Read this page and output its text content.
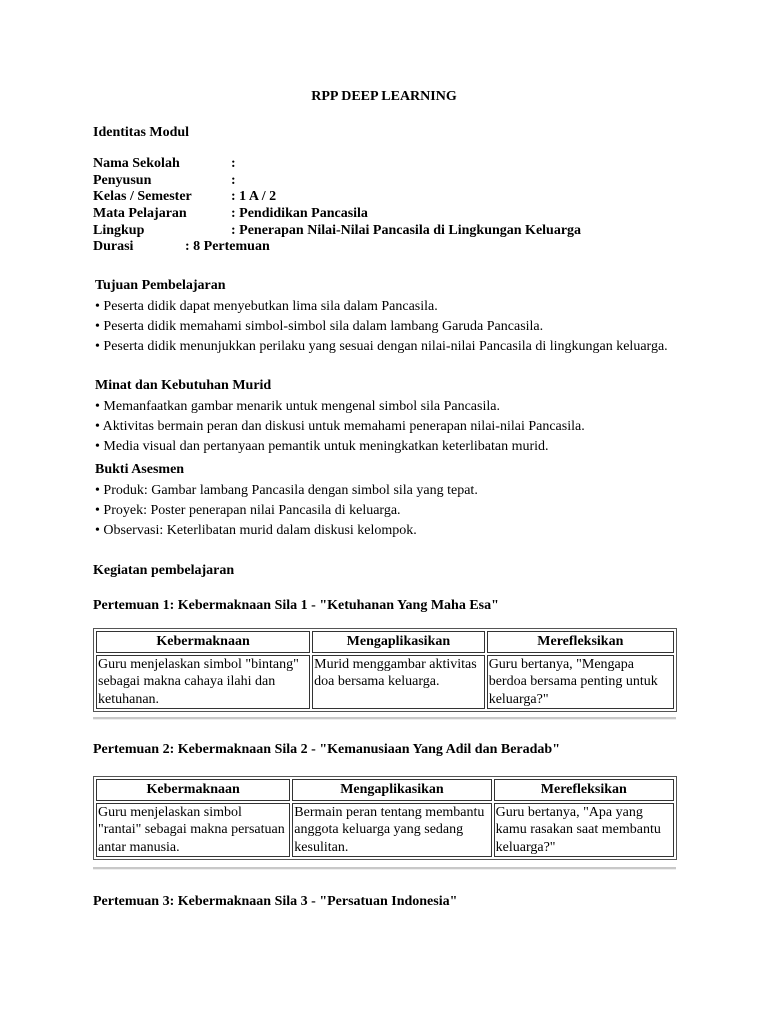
RPP DEEP LEARNING
Identitas Modul
Nama Sekolah	:
Penyusun	:
Kelas / Semester	: 1 A / 2
Mata Pelajaran	: Pendidikan Pancasila
Lingkup	: Penerapan Nilai-Nilai Pancasila di Lingkungan Keluarga
Durasi	: 8 Pertemuan
Tujuan Pembelajaran
• Peserta didik dapat menyebutkan lima sila dalam Pancasila.
• Peserta didik memahami simbol-simbol sila dalam lambang Garuda Pancasila.
• Peserta didik menunjukkan perilaku yang sesuai dengan nilai-nilai Pancasila di lingkungan keluarga.
Minat dan Kebutuhan Murid
• Memanfaatkan gambar menarik untuk mengenal simbol sila Pancasila.
• Aktivitas bermain peran dan diskusi untuk memahami penerapan nilai-nilai Pancasila.
• Media visual dan pertanyaan pemantik untuk meningkatkan keterlibatan murid.
Bukti Asesmen
• Produk: Gambar lambang Pancasila dengan simbol sila yang tepat.
• Proyek: Poster penerapan nilai Pancasila di keluarga.
• Observasi: Keterlibatan murid dalam diskusi kelompok.
Kegiatan pembelajaran
Pertemuan 1: Kebermaknaan Sila 1 - "Ketuhanan Yang Maha Esa"
Kebermaknaan	Mengaplikasikan	Merefleksikan
Guru menjelaskan simbol "bintang" sebagai makna cahaya ilahi dan ketuhanan.	Murid menggambar aktivitas doa bersama keluarga.	Guru bertanya, "Mengapa berdoa bersama penting untuk keluarga?"
Pertemuan 2: Kebermaknaan Sila 2 - "Kemanusiaan Yang Adil dan Beradab"
Kebermaknaan	Mengaplikasikan	Merefleksikan
Guru menjelaskan simbol "rantai" sebagai makna persatuan antar manusia.	Bermain peran tentang membantu anggota keluarga yang sedang kesulitan.	Guru bertanya, "Apa yang kamu rasakan saat membantu keluarga?"
Pertemuan 3: Kebermaknaan Sila 3 - "Persatuan Indonesia"
